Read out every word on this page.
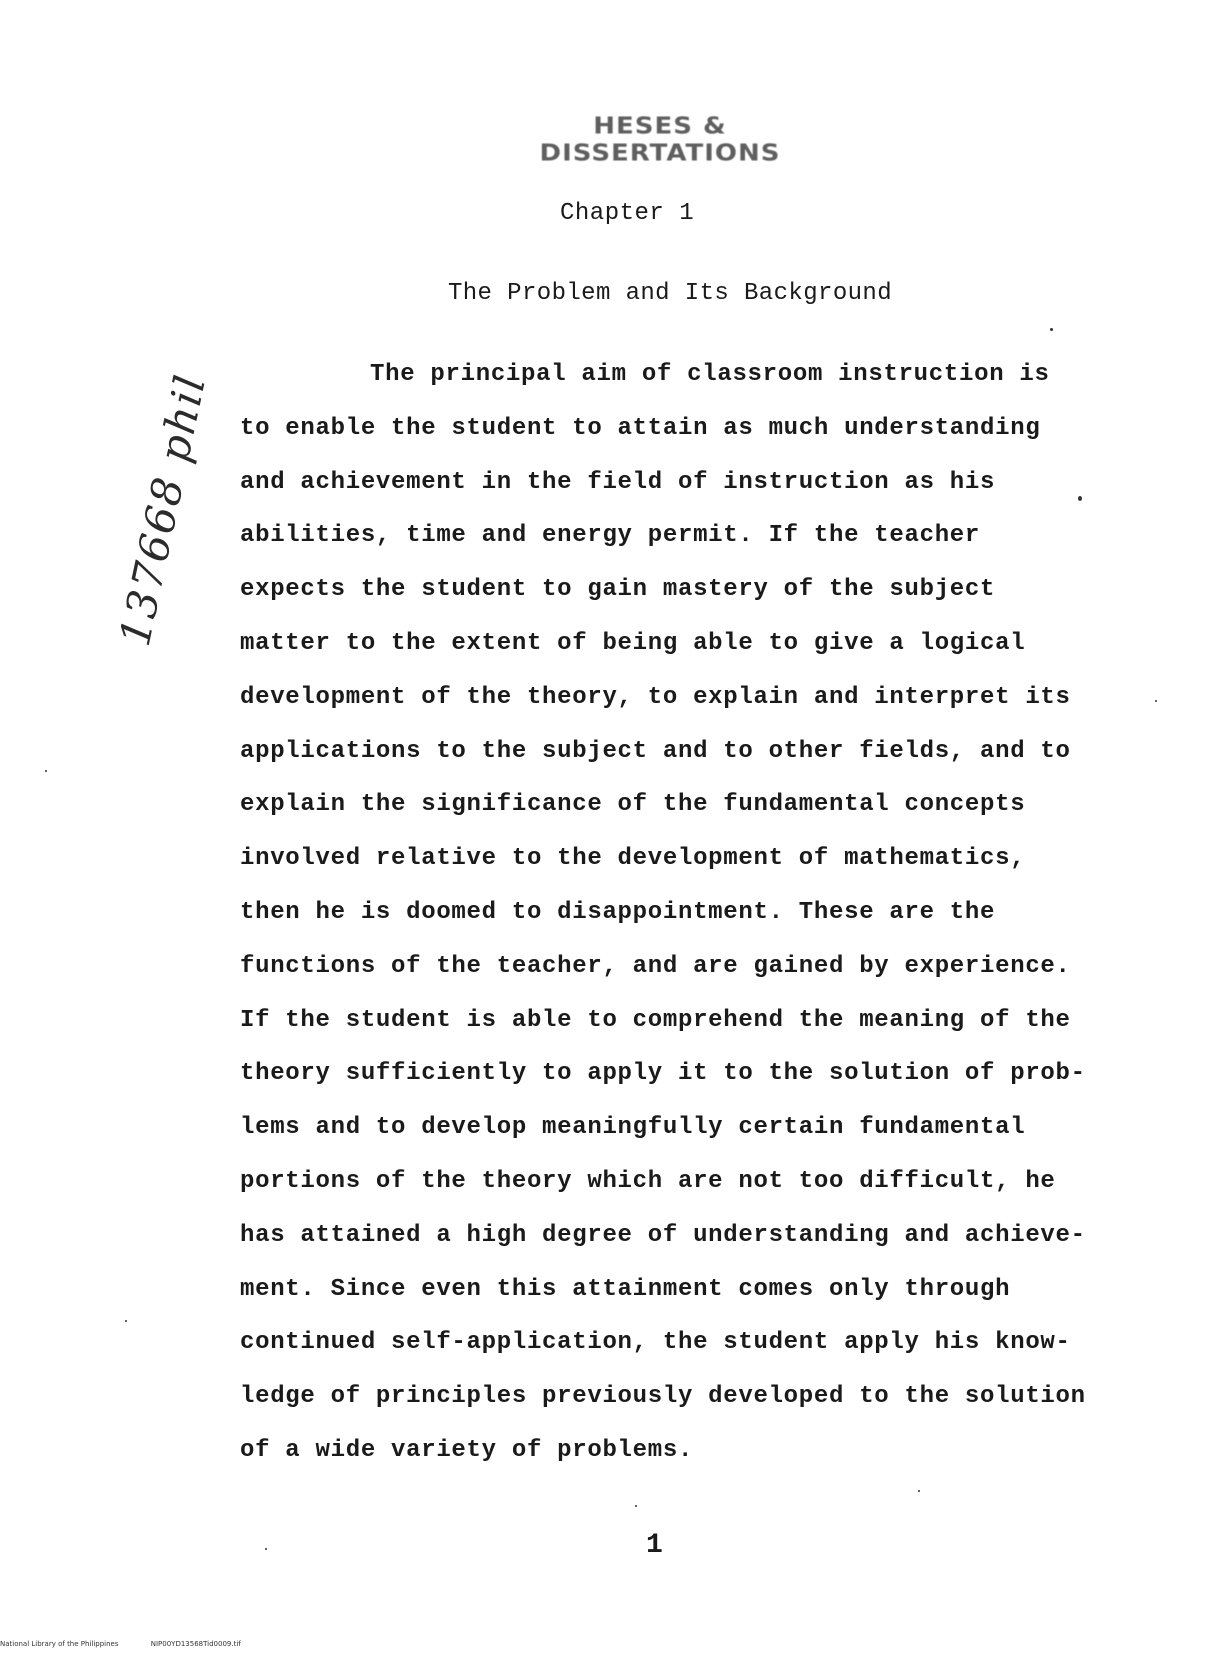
HESES & DISSERTATIONS
Chapter 1
The Problem and Its Background
The principal aim of classroom instruction is
to enable the student to attain as much understanding
and achievement in the field of instruction as his
abilities, time and energy permit. If the teacher
expects the student to gain mastery of the subject
matter to the extent of being able to give a logical
development of the theory, to explain and interpret its
applications to the subject and to other fields, and to
explain the significance of the fundamental concepts
involved relative to the development of mathematics,
then he is doomed to disappointment. These are the
functions of the teacher, and are gained by experience.
If the student is able to comprehend the meaning of the
theory sufficiently to apply it to the solution of prob-
lems and to develop meaningfully certain fundamental
portions of the theory which are not too difficult, he
has attained a high degree of understanding and achieve-
ment. Since even this attainment comes only through
continued self-application, the student apply his know-
ledge of principles previously developed to the solution
of a wide variety of problems.
137668 phil
1
National Library of the Philippines	NIP00YD13568Tid0009.tif
